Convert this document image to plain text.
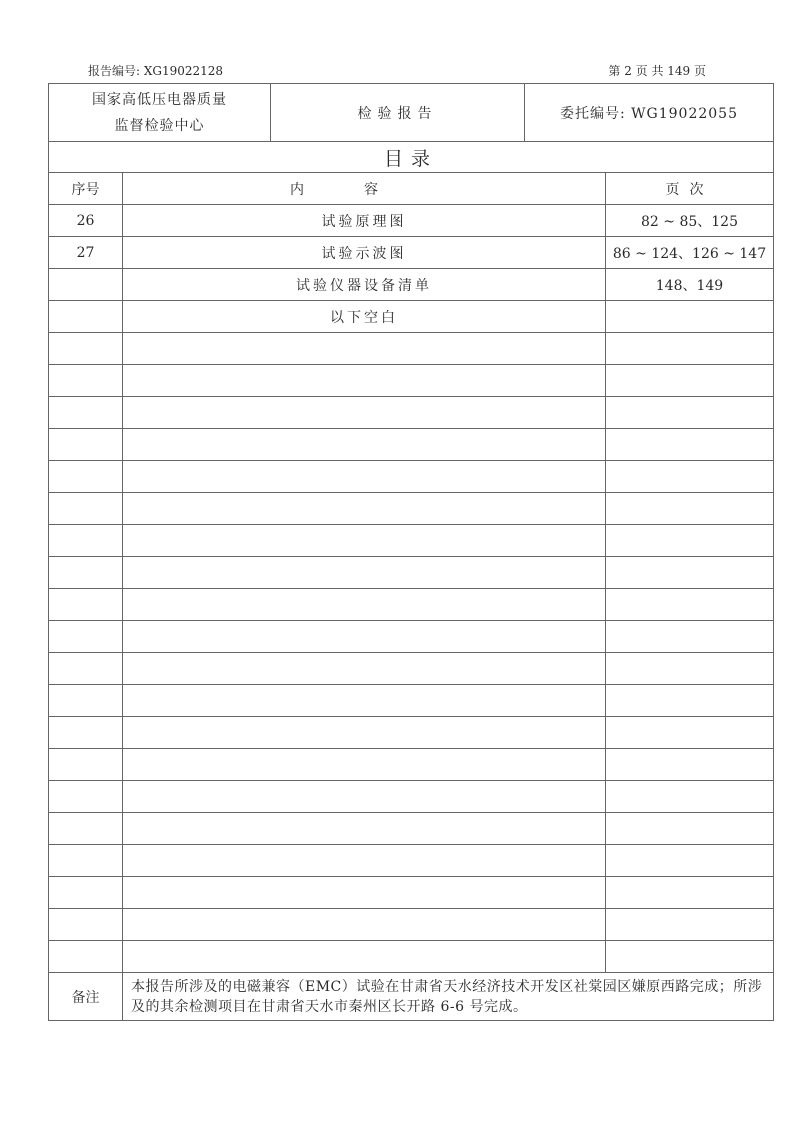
报告编号: XG19022128	第 2 页 共 149 页
国家高低压电器质量
监督检验中心		检验报告	委托编号: WG19022055	
目录				
序号	内容			页次
26	试验原理图			82 ~ 85、125
27	试验示波图			86 ~ 124、126 ~ 147
	试验仪器设备清单			148、149
	以下空白			

备注	本报告所涉及的电磁兼容（EMC）试验在甘肃省天水经济技术开发区社棠园区嫌原西路完成；所涉及的其余检测项目在甘肃省天水市秦州区长开路 6-6 号完成。			
